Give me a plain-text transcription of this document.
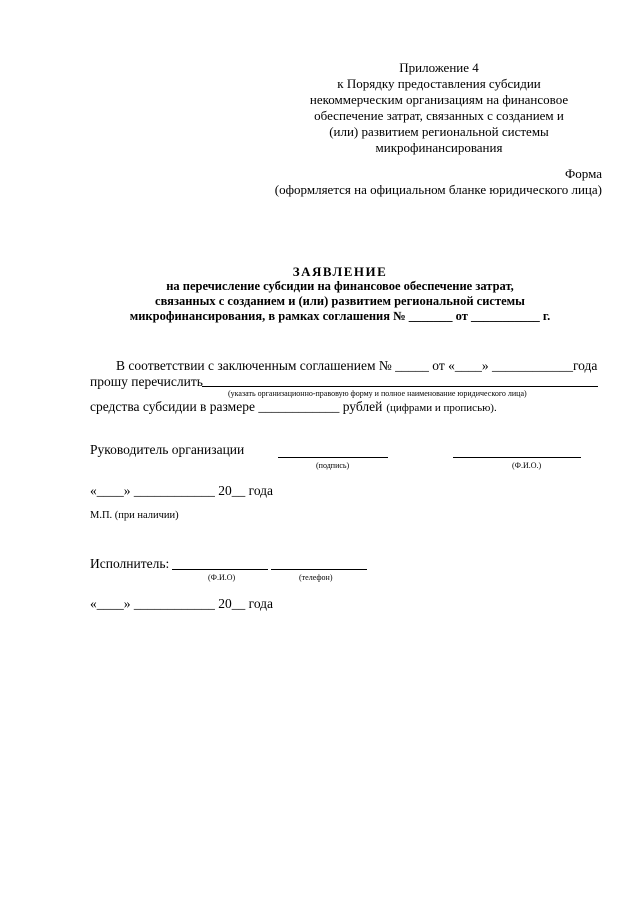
Приложение 4
к Порядку предоставления субсидии
некоммерческим организациям на финансовое
обеспечение затрат, связанных с созданием и
(или) развитием региональной системы
микрофинансирования
Форма
(оформляется на официальном бланке юридического лица)
ЗАЯВЛЕНИЕ
на перечисление субсидии на финансовое обеспечение затрат,
связанных с созданием и (или) развитием региональной системы
микрофинансирования, в рамках соглашения № _______ от ___________ г.
В соответствии с заключенным соглашением № _____ от «____» ____________года
прошу перечислить
(указать организационно-правовую форму и полное наименование юридического лица)
средства субсидии в размере ____________ рублей (цифрами и прописью).
Руководитель организации
(подпись)	(Ф.И.О.)
«____» ____________ 20__ года
М.П. (при наличии)
Исполнитель:
(Ф.И.О)	(телефон)
«____» ____________ 20__ года
